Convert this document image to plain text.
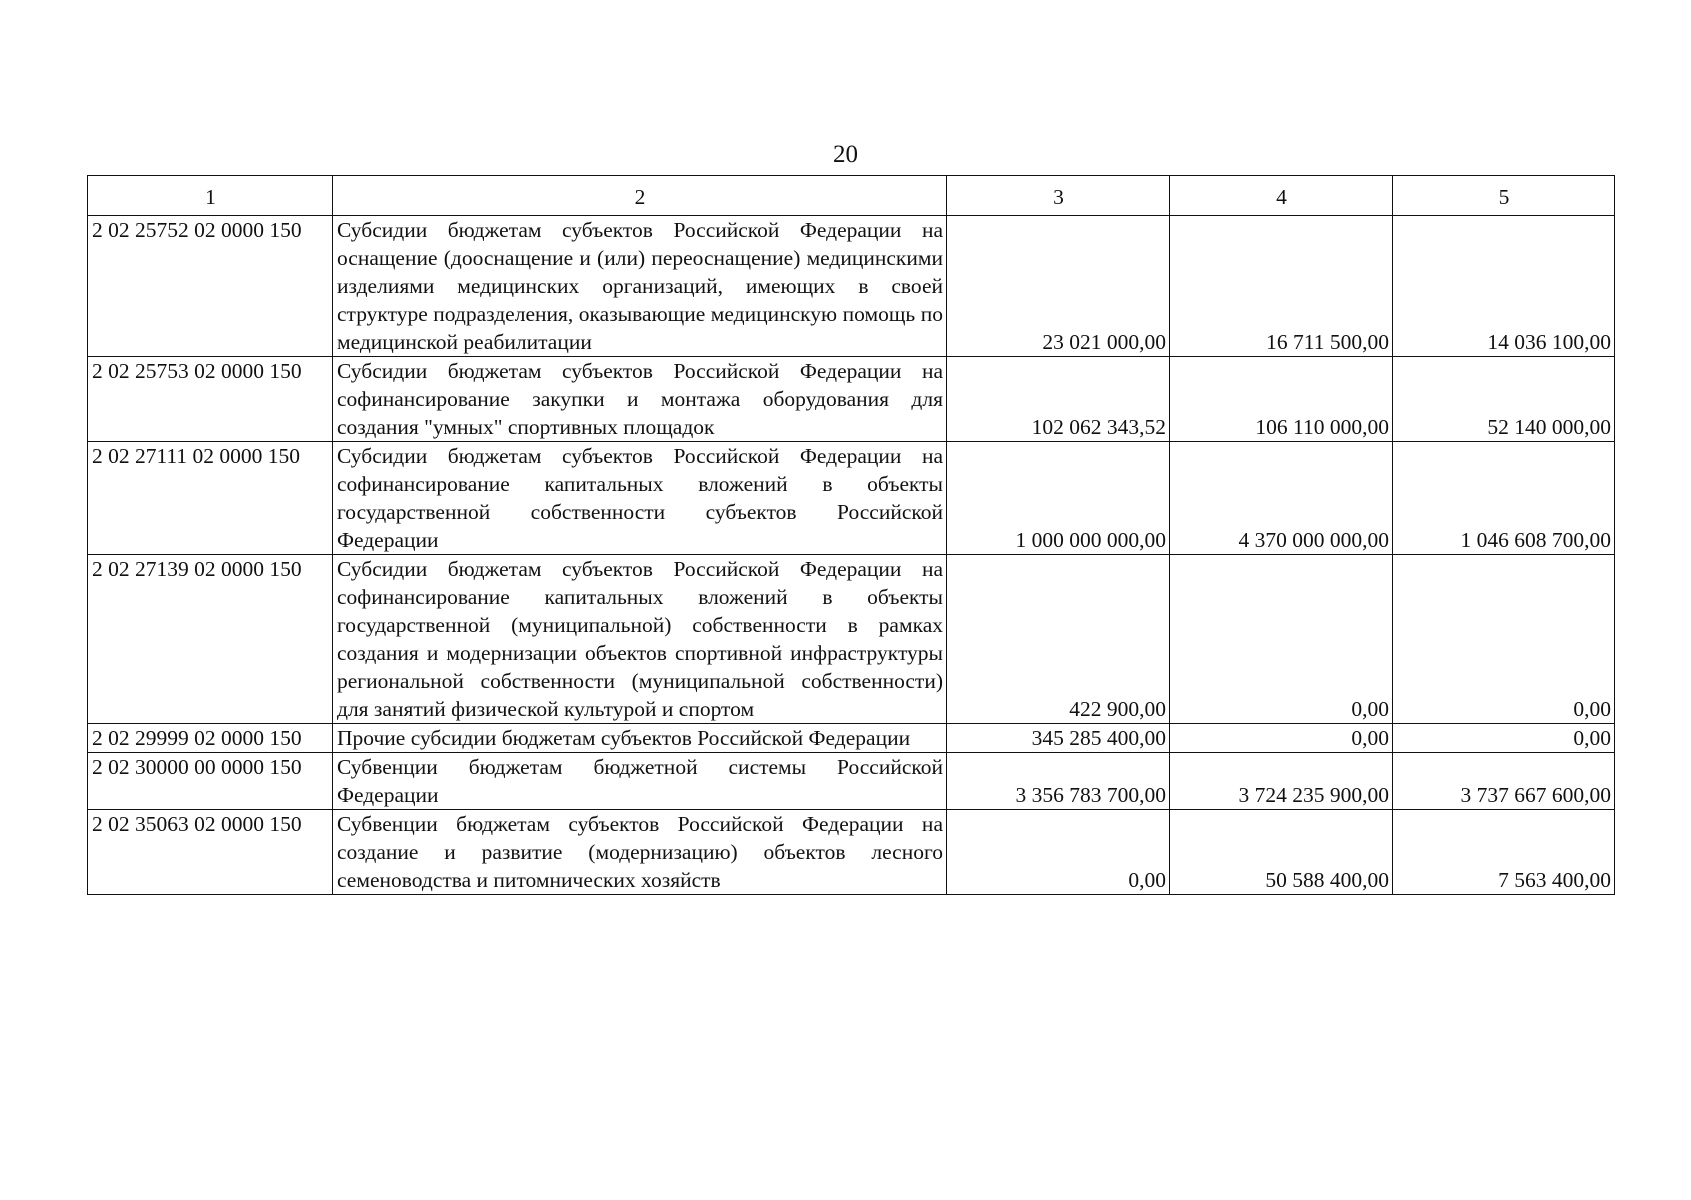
20
1	2	3	4	5
2 02 25752 02 0000 150	Субсидии бюджетам субъектов Российской Федерации на оснащение (дооснащение и (или) переоснащение) медицинскими изделиями медицинских организаций, имеющих в своей структуре подразделения, оказывающие медицинскую помощь по медицинской реабилитации	23 021 000,00	16 711 500,00	14 036 100,00
2 02 25753 02 0000 150	Субсидии бюджетам субъектов Российской Федерации на софинансирование закупки и монтажа оборудования для создания "умных" спортивных площадок	102 062 343,52	106 110 000,00	52 140 000,00
2 02 27111 02 0000 150	Субсидии бюджетам субъектов Российской Федерации на софинансирование капитальных вложений в объекты государственной собственности субъектов Российской Федерации	1 000 000 000,00	4 370 000 000,00	1 046 608 700,00
2 02 27139 02 0000 150	Субсидии бюджетам субъектов Российской Федерации на софинансирование капитальных вложений в объекты государственной (муниципальной) собственности в рамках создания и модернизации объектов спортивной инфраструктуры региональной собственности (муниципальной собственности) для занятий физической культурой и спортом	422 900,00	0,00	0,00
2 02 29999 02 0000 150	Прочие субсидии бюджетам субъектов Российской Федерации	345 285 400,00	0,00	0,00
2 02 30000 00 0000 150	Субвенции бюджетам бюджетной системы Российской Федерации	3 356 783 700,00	3 724 235 900,00	3 737 667 600,00
2 02 35063 02 0000 150	Субвенции бюджетам субъектов Российской Федерации на создание и развитие (модернизацию) объектов лесного семеноводства и питомнических хозяйств	0,00	50 588 400,00	7 563 400,00
